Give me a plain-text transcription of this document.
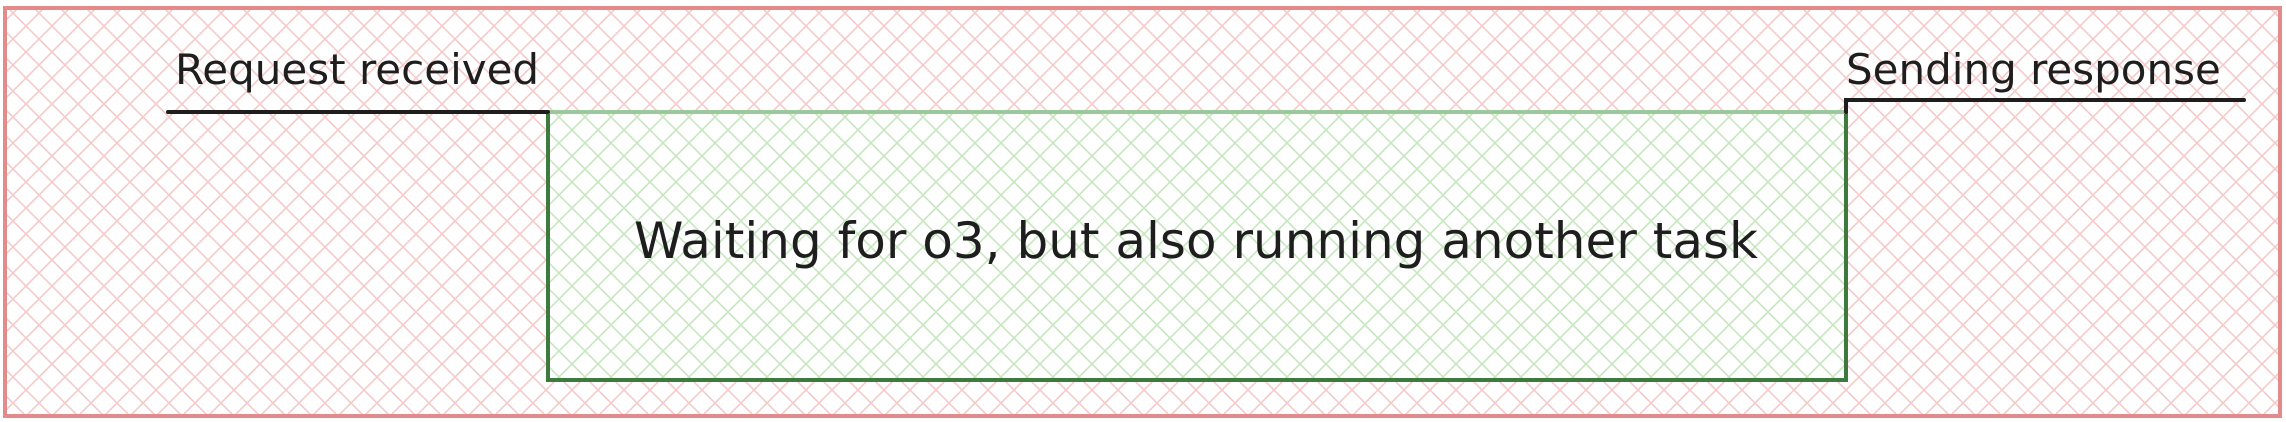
Request received	Sending response
Waiting for o3, but also running another task
